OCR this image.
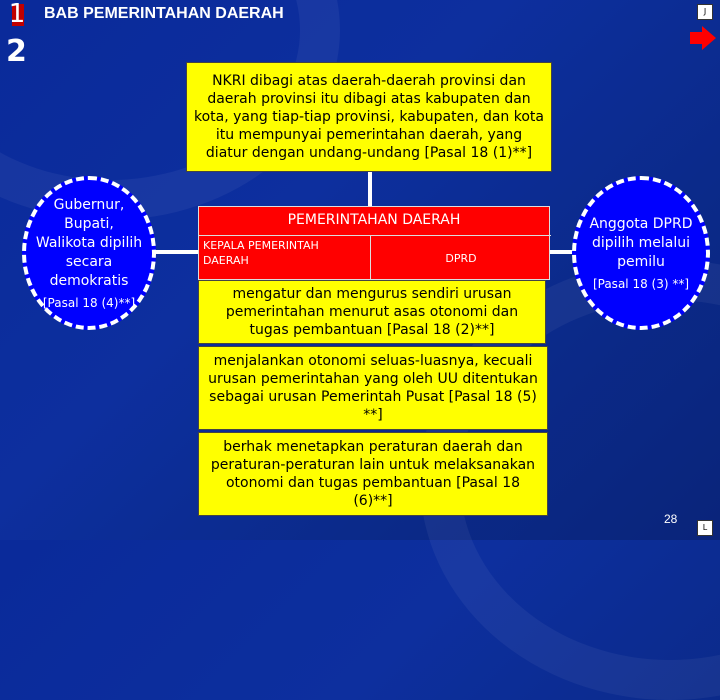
1 BAB PEMERINTAHAN DAERAH
2
J
L
NKRI dibagi atas daerah-daerah provinsi dan daerah provinsi itu dibagi atas kabupaten dan kota, yang tiap-tiap provinsi, kabupaten, dan kota itu mempunyai pemerintahan daerah, yang diatur dengan undang-undang [Pasal 18 (1)**]
Gubernur, Bupati, Walikota dipilih secara demokratis
[Pasal 18 (4)**]
Anggota DPRD dipilih melalui pemilu
[Pasal 18 (3) **]
PEMERINTAHAN DAERAH
KEPALA PEMERINTAH DAERAH	DPRD
mengatur dan mengurus sendiri urusan pemerintahan menurut asas otonomi dan tugas pembantuan [Pasal 18 (2)**]
menjalankan otonomi seluas-luasnya, kecuali urusan pemerintahan yang oleh UU ditentukan sebagai urusan Pemerintah Pusat [Pasal 18 (5) **]
berhak menetapkan peraturan daerah dan peraturan-peraturan lain untuk melaksanakan otonomi dan tugas pembantuan [Pasal 18 (6)**]
28
